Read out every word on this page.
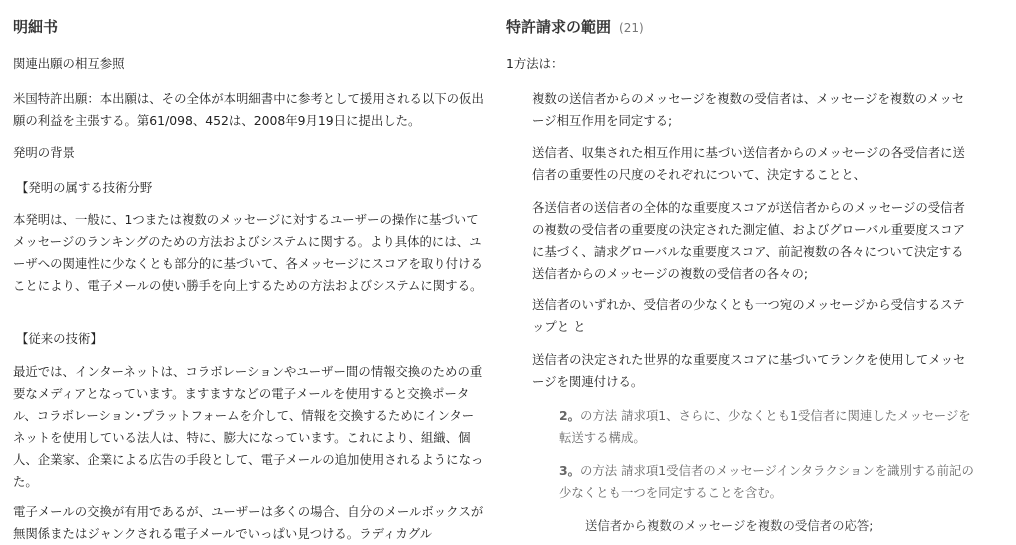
明細书

関連出願の相互参照

米国特許出願：本出願は、その全体が本明細書中に参考として援用される以下の仮出願の利益を主張する。第61/098、452は、2008年9月19日に提出した。

発明の背景

【発明の属する技術分野

本発明は、一般に、1つまたは複数のメッセージに対するユーザーの操作に基づいてメッセージのランキングのための方法およびシステムに関する。より具体的には、ユーザへの関連性に少なくとも部分的に基づいて、各メッセージにスコアを取り付けることにより、電子メールの使い勝手を向上するための方法およびシステムに関する。

【従来の技術】

最近では、インターネットは、コラボレーションやユーザー間の情報交換のための重要なメディアとなっています。ますますなどの電子メールを使用すると交換ポータル、コラボレーション･プラットフォームを介して、情報を交換するためにインターネットを使用している法人は、特に、膨大になっています。これにより、組織、個人、企業家、企業による広告の手段として、電子メールの追加使用されるようになった。

電子メールの交換が有用であるが、ユーザーは多くの場合、自分のメールボックスが無関係またはジャンクされる電子メールでいっぱい見つける。ラディカグル

特許請求の範囲 (21)

1方法は：

複数の送信者からのメッセージを複数の受信者は、メッセージを複数のメッセージ相互作用を同定する;

送信者、収集された相互作用に基づい送信者からのメッセージの各受信者に送信者の重要性の尺度のそれぞれについて、決定することと、

各送信者の送信者の全体的な重要度スコアが送信者からのメッセージの受信者の複数の受信者の重要度の決定された測定値、およびグローバル重要度スコアに基づく、請求グローバルな重要度スコア、前記複数の各々について決定する送信者からのメッセージの複数の受信者の各々の;

送信者のいずれか、受信者の少なくとも一つ宛のメッセージから受信するステップと と

送信者の決定された世界的な重要度スコアに基づいてランクを使用してメッセージを関連付ける。

2。の方法 請求項1、さらに、少なくとも1受信者に関連したメッセージを転送する構成。

3。の方法 請求項1受信者のメッセージインタラクションを識別する前記の少なくとも一つを同定することを含む。

送信者から複数のメッセージを複数の受信者の応答;
